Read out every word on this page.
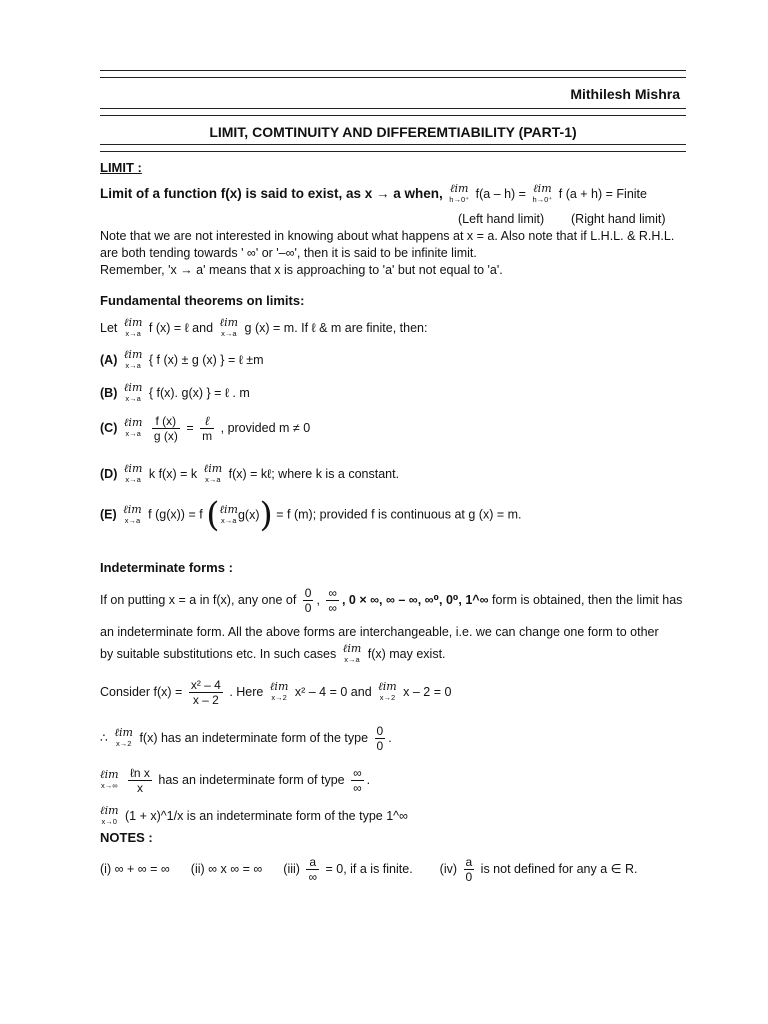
Mithilesh Mishra
LIMIT, COMTINUITY AND DIFFEREMTIABILITY (PART-1)
LIMIT :
Limit of a function f(x) is said to exist, as x → a when, ℓim
h→0⁺ f(a – h) = ℓim
h→0⁺ f (a + h) = Finite
(Left hand limit) (Right hand limit)
Note that we are not interested in knowing about what happens at x = a. Also note that if L.H.L. & R.H.L.
are both tending towards ' ∞' or '–∞', then it is said to be infinite limit.
Remember, 'x → a' means that x is approaching to 'a' but not equal to 'a'.
Fundamental theorems on limits:
Let ℓim
x→a f (x) = ℓ and ℓim
x→a g (x) = m. If ℓ & m are finite, then:
(A) ℓim
x→a { f (x) ± g (x) } = ℓ ±m
(B) ℓim
x→a { f(x). g(x) } = ℓ . m
(C) ℓim
x→a
$\frac{f (x)}{g (x)} = \frac{\text{ℓ}}{m}$ , provided m ≠ 0
(D) ℓim
x→a k f(x) = k ℓim
x→a f(x) = kℓ; where k is a constant.
(E) ℓim
x→a f (g(x)) = f (ℓim
x→a g(x)) = f (m); provided f is continuous at g (x) = m.
Indeterminate forms :
If on putting x = a in f(x), any one of $\frac{0}{0}$ , $\frac{\infty}{\infty}$ , 0 × ∞, ∞ – ∞, ∞⁰, 0⁰, 1^∞ form is obtained, then the limit has
an indeterminate form. All the above forms are interchangeable, i.e. we can change one form to other
by suitable substitutions etc. In such cases ℓim
x→a f(x) may exist.
Consider $f(x) = \frac{\text{x² – 4}}{x - 2}$ . Here ℓim
x→2 x² – 4 = 0 and ℓim
x→2 x – 2 = 0
∴ ℓim
x→2 f(x) has an indeterminate form of the type $\frac{0}{0}$ .
ℓim
x→∞
$\frac{\text{ℓn x}}{x}$ has an indeterminate form of type $\frac{\infty}{\infty}$ .
ℓim
x→0 (1 + x)^1/x is an indeterminate form of the type 1^∞
NOTES :
(i) ∞ + ∞ = ∞ (ii) ∞ x ∞ = ∞ $(iii) \frac{a}{\infty} = 0$, if a is finite. $(iv) \frac{a}{0}$ is not defined for any a ∈ R.
